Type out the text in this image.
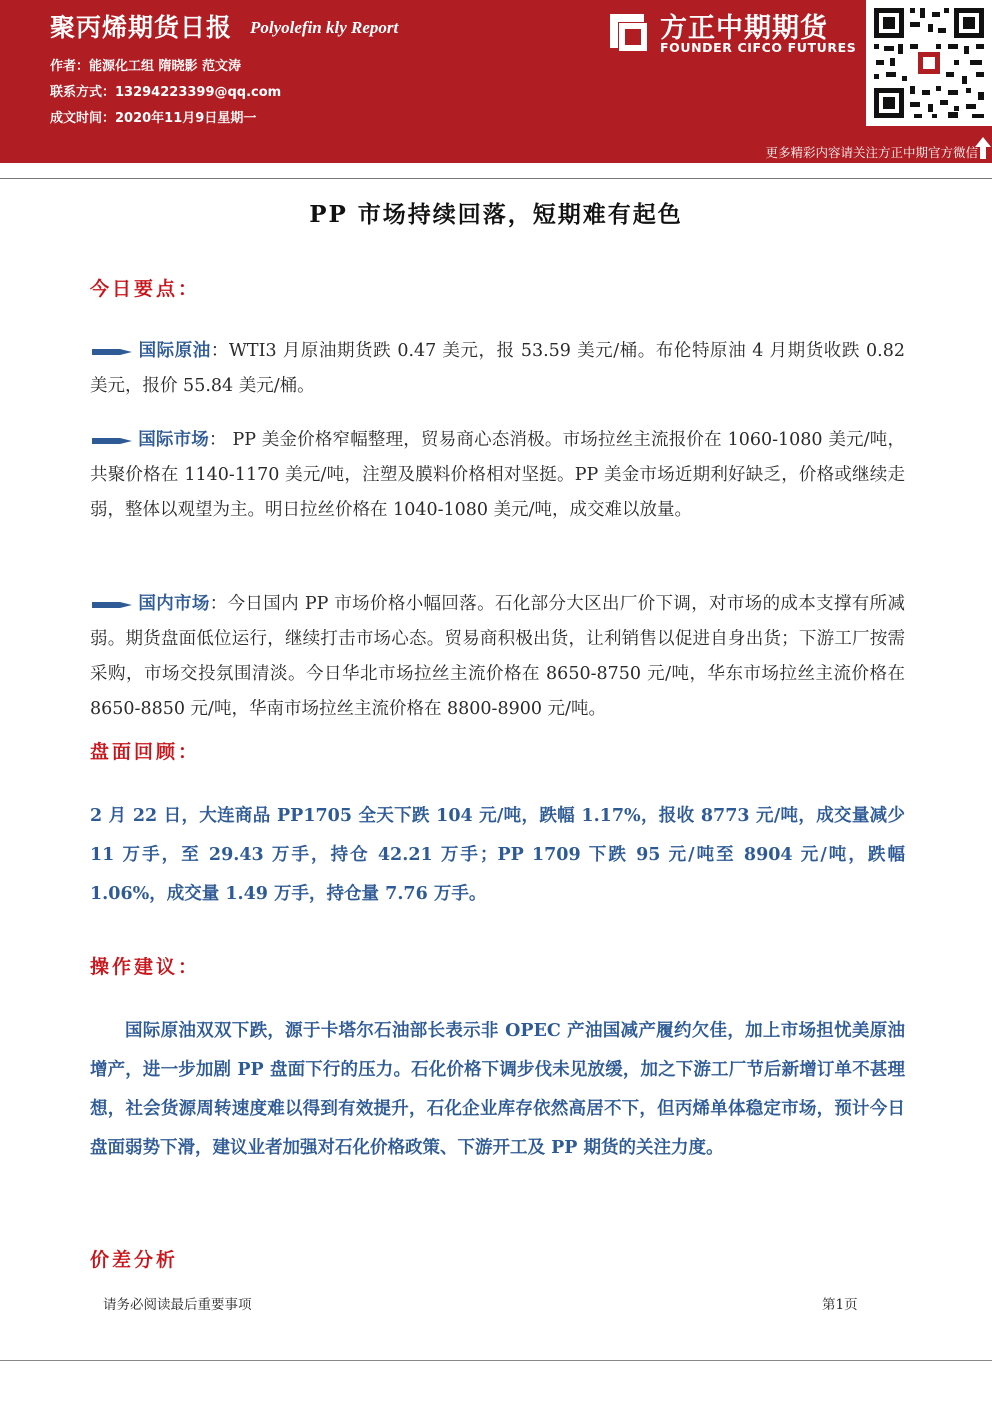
聚丙烯期货日报 Polyolefin kly Report
作者：能源化工组 隋晓影 范文涛
联系方式：13294223399@qq.com
成文时间：2020年11月9日星期一
方正中期期货
FOUNDER CIFCO FUTURES
更多精彩内容请关注方正中期官方微信
PP 市场持续回落，短期难有起色
今日要点：
国际原油：WTI3 月原油期货跌 0.47 美元，报 53.59 美元/桶。布伦特原油 4 月期货收跌 0.82 美元，报价 55.84 美元/桶。
国际市场： PP 美金价格窄幅整理，贸易商心态消极。市场拉丝主流报价在 1060-1080 美元/吨，共聚价格在 1140-1170 美元/吨，注塑及膜料价格相对坚挺。PP 美金市场近期利好缺乏，价格或继续走弱，整体以观望为主。明日拉丝价格在 1040-1080 美元/吨，成交难以放量。
国内市场：今日国内 PP 市场价格小幅回落。石化部分大区出厂价下调，对市场的成本支撑有所减弱。期货盘面低位运行，继续打击市场心态。贸易商积极出货，让利销售以促进自身出货；下游工厂按需采购，市场交投氛围清淡。今日华北市场拉丝主流价格在 8650-8750 元/吨，华东市场拉丝主流价格在 8650-8850 元/吨，华南市场拉丝主流价格在 8800-8900 元/吨。
盘面回顾：
2 月 22 日，大连商品 PP1705 全天下跌 104 元/吨，跌幅 1.17%，报收 8773 元/吨，成交量减少 11 万手，至 29.43 万手，持仓 42.21 万手；PP 1709 下跌 95 元/吨至 8904 元/吨，跌幅 1.06%，成交量 1.49 万手，持仓量 7.76 万手。
操作建议：
国际原油双双下跌，源于卡塔尔石油部长表示非 OPEC 产油国减产履约欠佳，加上市场担忧美原油增产，进一步加剧 PP 盘面下行的压力。石化价格下调步伐未见放缓，加之下游工厂节后新增订单不甚理想，社会货源周转速度难以得到有效提升，石化企业库存依然高居不下，但丙烯单体稳定市场，预计今日盘面弱势下滑，建议业者加强对石化价格政策、下游开工及 PP 期货的关注力度。
价差分析
请务必阅读最后重要事项	第1页
